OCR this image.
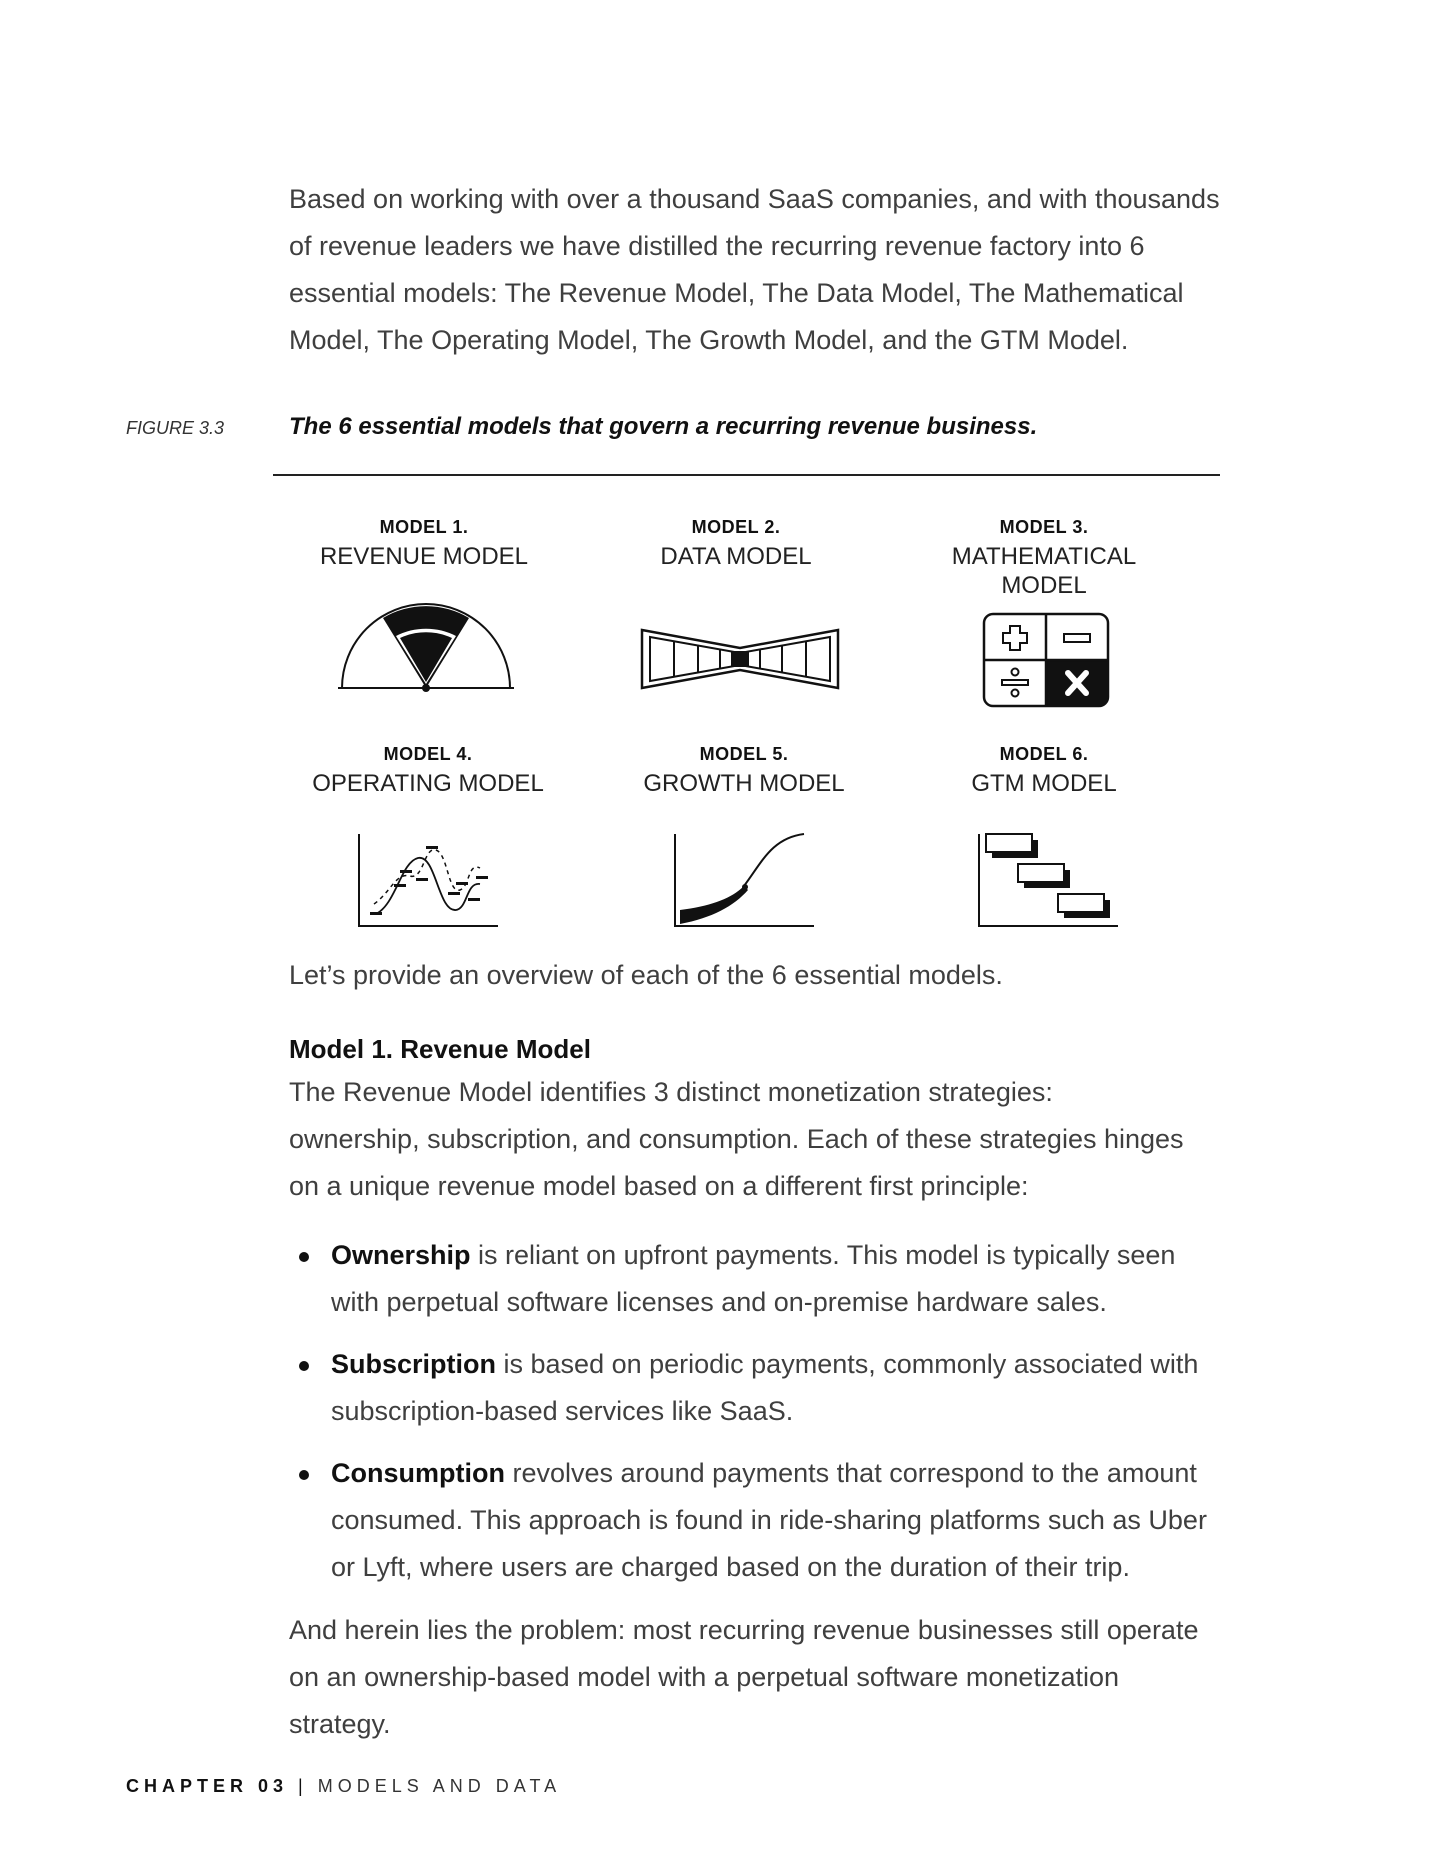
Based on working with over a thousand SaaS companies, and with thousands of revenue leaders we have distilled the recurring revenue factory into 6 essential models: The Revenue Model, The Data Model, The Mathematical Model, The Operating Model, The Growth Model, and the GTM Model.

FIGURE 3.3	The 6 essential models that govern a recurring revenue business.
MODEL 1.
REVENUE MODEL
MODEL 2.
DATA MODEL
MODEL 3.
MATHEMATICAL MODEL
MODEL 4.
OPERATING MODEL
MODEL 5.
GROWTH MODEL
MODEL 6.
GTM MODEL

Let’s provide an overview of each of the 6 essential models.

Model 1. Revenue Model

The Revenue Model identifies 3 distinct monetization strategies: ownership, subscription, and consumption. Each of these strategies hinges on a unique revenue model based on a different first principle:

Ownership is reliant on upfront payments. This model is typically seen with perpetual software licenses and on-premise hardware sales.
Subscription is based on periodic payments, commonly associated with subscription-based services like SaaS.
Consumption revolves around payments that correspond to the amount consumed. This approach is found in ride-sharing platforms such as Uber or Lyft, where users are charged based on the duration of their trip.

And herein lies the problem: most recurring revenue businesses still operate on an ownership-based model with a perpetual software monetization strategy.

CHAPTER 03 | MODELS AND DATA
